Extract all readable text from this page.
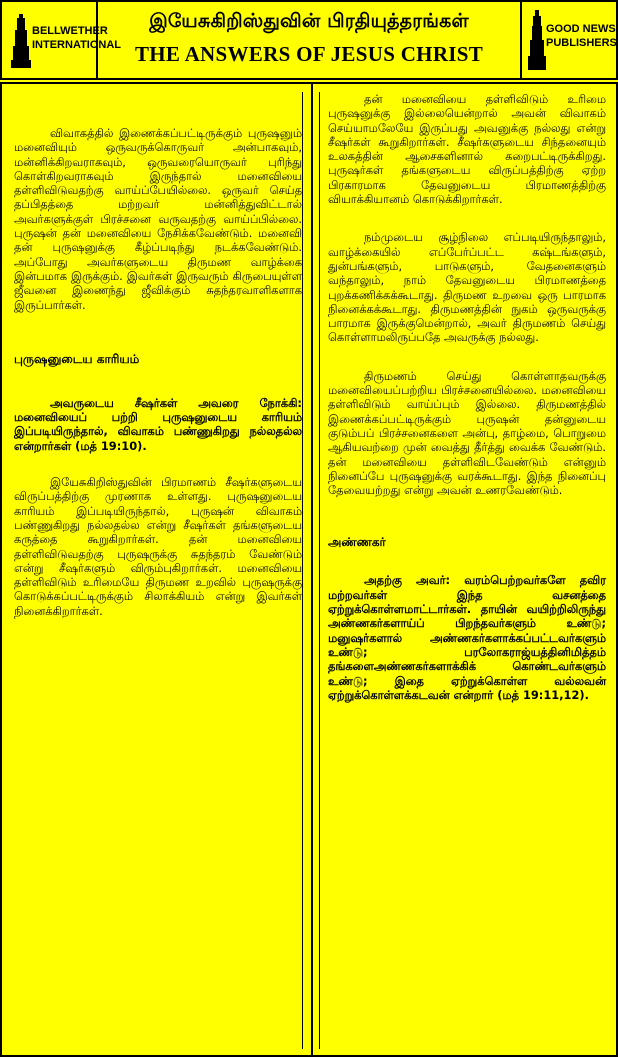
BELLWETHER
INTERNATIONAL
இயேசுகிறிஸ்துவின் பிரதியுத்தரங்கள்
THE ANSWERS OF JESUS CHRIST
GOOD NEWS
PUBLISHERS

விவாகத்தில் இணைக்கப்பட்டிருக்கும் புருஷனும் மனைவியும் ஒருவருக்கொருவர் அன்பாகவும், மன்னிக்கிறவராகவும், ஒருவரையொருவர் புரிந்து கொள்கிறவராகவும் இருந்தால் மனைவியை தள்ளிவிடுவதற்கு வாய்ப்பேயில்லை. ஒருவர் செய்த தப்பிதத்தை மற்றவர் மன்னித்துவிட்டால் அவர்களுக்குள் பிரச்சனை வருவதற்கு வாய்ப்பில்லை. புருஷன் தன் மனைவியை நேசிக்கவேண்டும். மனைவி தன் புருஷனுக்கு கீழ்ப்படிந்து நடக்கவேண்டும். அப்போது அவர்களுடைய திருமண வாழ்க்கை இன்பமாக இருக்கும். இவர்கள் இருவரும் கிருபையுள்ள ஜீவனை இணைந்து ஜீவிக்கும் சுதந்தரவாளிகளாக இருப்பார்கள்.

புருஷனுடைய காரியம்

அவருடைய சீஷர்கள் அவரை நோக்கி: மனைவியைப் பற்றி புருஷனுடைய காரியம் இப்படியிருந்தால், விவாகம் பண்ணுகிறது நல்லதல்ல என்றார்கள் (மத் 19:10).

இயேசுகிறிஸ்துவின் பிரமாணம் சீஷர்களுடைய விருப்பத்திற்கு முரணாக உள்ளது. புருஷனுடைய காரியம் இப்படியிருந்தால், புருஷன் விவாகம் பண்ணுகிறது நல்லதல்ல என்று சீஷர்கள் தங்களுடைய கருத்தை கூறுகிறார்கள். தன் மனைவியை தள்ளிவிடுவதற்கு புருஷருக்கு சுதந்தரம் வேண்டும் என்று சீஷர்களும் விரும்புகிறார்கள். மனைவியை தள்ளிவிடும் உரிமையே திருமண உறவில் புருஷருக்கு கொடுக்கப்பட்டிருக்கும் சிலாக்கியம் என்று இவர்கள் நினைக்கிறார்கள்.

தன் மனைவியை தள்ளிவிடும் உரிமை புருஷனுக்கு இல்லையென்றால் அவன் விவாகம் செய்யாமலேயே இருப்பது அவனுக்கு நல்லது என்று சீஷர்கள் கூறுகிறார்கள். சீஷர்களுடைய சிந்தனையும் உலகத்தின் ஆசைகளினால் கறைபட்டிருக்கிறது. புருஷர்கள் தங்களுடைய விருப்பத்திற்கு ஏற்ற பிரகாரமாக தேவனுடைய பிரமாணத்திற்கு வியாக்கியானம் கொடுக்கிறார்கள்.

நம்முடைய சூழ்நிலை எப்படியிருந்தாலும், வாழ்க்கையில் எப்பேர்ப்பட்ட கஷ்டங்களும், துன்பங்களும், பாடுகளும், வேதனைகளும் வந்தாலும், நாம் தேவனுடைய பிரமாணத்தை புறக்கணிக்கக்கூடாது. திருமண உறவை ஒரு பாரமாக நினைக்கக்கூடாது. திருமணத்தின் நுகம் ஒருவருக்கு பாரமாக இருக்குமென்றால், அவர் திருமணம் செய்து கொள்ளாமலிருப்பதே அவருக்கு நல்லது.

திருமணம் செய்து கொள்ளாதவருக்கு மனைவியைப்பற்றிய பிரச்சனையில்லை. மனைவியை தள்ளிவிடும் வாய்ப்பும் இல்லை. திருமணத்தில் இணைக்கப்பட்டிருக்கும் புருஷன் தன்னுடைய குடும்பப் பிரச்சனைகளை அன்பு, தாழ்மை, பொறுமை ஆகியவற்றை முன் வைத்து தீர்த்து வைக்க வேண்டும். தன் மனைவியை தள்ளிவிடவேண்டும் என்னும் நினைப்பே புருஷனுக்கு வரக்கூடாது. இந்த நினைப்பு தேவையற்றது என்று அவன் உணரவேண்டும்.

அண்ணகர்

அதற்கு அவர்: வரம்பெற்றவர்களே தவிர மற்றவர்கள் இந்த வசனத்தை ஏற்றுக்கொள்ளமாட்டார்கள். தாயின் வயிற்றிலிருந்து அண்ணகர்களாய்ப் பிறந்தவர்களும் உண்டு; மனுஷர்களால் அண்ணகர்களாக்கப்பட்டவர்களும் உண்டு; பரலோகராஜ்யத்தினிமித்தம் தங்களைஅண்ணகர்களாக்கிக் கொண்டவர்களும் உண்டு; இதை ஏற்றுக்கொள்ள வல்லவன் ஏற்றுக்கொள்ளக்கடவன் என்றார் (மத் 19:11,12).
